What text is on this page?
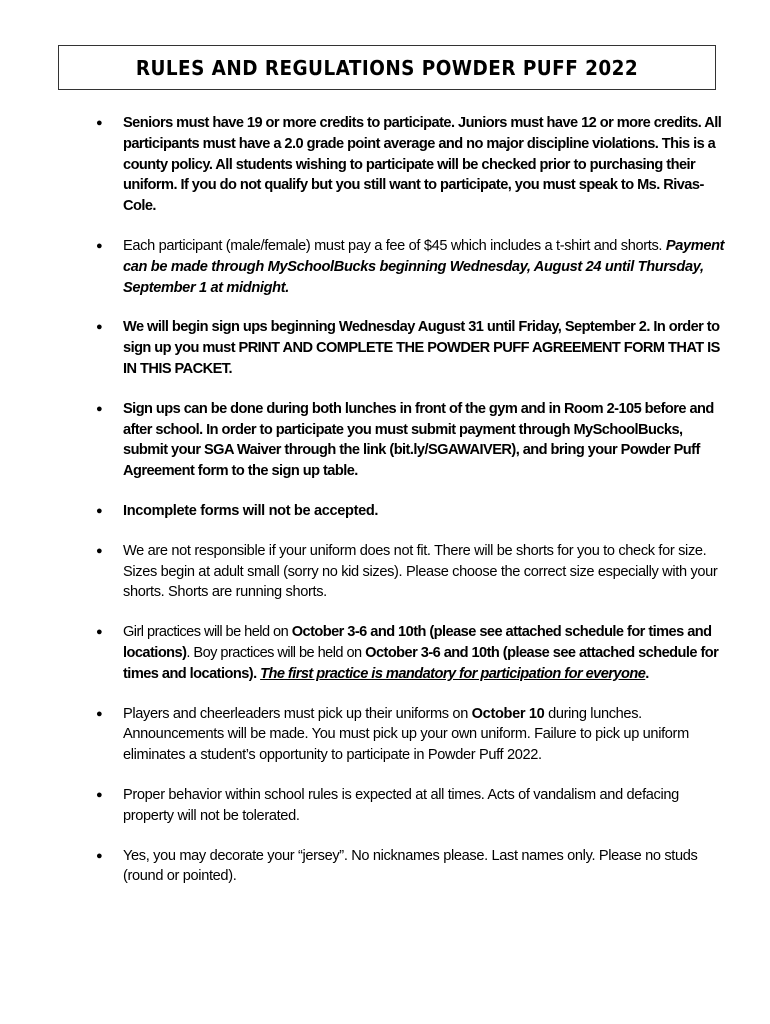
RULES AND REGULATIONS POWDER PUFF 2022
●	Seniors must have 19 or more credits to participate. Juniors must have 12 or more credits. All participants must have a 2.0 grade point average and no major discipline violations. This is a county policy. All students wishing to participate will be checked prior to purchasing their uniform. If you do not qualify but you still want to participate, you must speak to Ms. Rivas-Cole.
●	Each participant (male/female) must pay a fee of $45 which includes a t-shirt and shorts. Payment can be made through MySchoolBucks beginning Wednesday, August 24 until Thursday, September 1 at midnight.
●	We will begin sign ups beginning Wednesday August 31 until Friday, September 2. In order to sign up you must PRINT AND COMPLETE THE POWDER PUFF AGREEMENT FORM THAT IS IN THIS PACKET.
●	Sign ups can be done during both lunches in front of the gym and in Room 2-105 before and after school. In order to participate you must submit payment through MySchoolBucks, submit your SGA Waiver through the link (bit.ly/SGAWAIVER), and bring your Powder Puff Agreement form to the sign up table.
●	Incomplete forms will not be accepted.
●	We are not responsible if your uniform does not fit. There will be shorts for you to check for size. Sizes begin at adult small (sorry no kid sizes). Please choose the correct size especially with your shorts. Shorts are running shorts.
●	Girl practices will be held on October 3-6 and 10th (please see attached schedule for times and locations). Boy practices will be held on October 3-6 and 10th (please see attached schedule for times and locations). The first practice is mandatory for participation for everyone.
●	Players and cheerleaders must pick up their uniforms on October 10 during lunches. Announcements will be made. You must pick up your own uniform. Failure to pick up uniform eliminates a student’s opportunity to participate in Powder Puff 2022.
●	Proper behavior within school rules is expected at all times. Acts of vandalism and defacing property will not be tolerated.
●	Yes, you may decorate your “jersey”. No nicknames please. Last names only. Please no studs (round or pointed).
